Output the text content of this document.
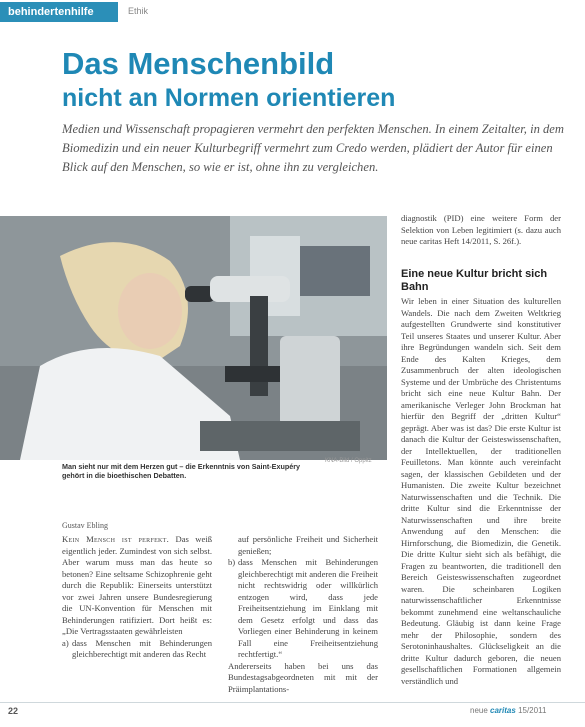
behindertenhilfe	Ethik
Das Menschenbild
nicht an Normen orientieren
Medien und Wissenschaft propagieren vermehrt den perfekten Menschen. In einem Zeitalter, in dem Biomedizin und ein neuer Kulturbegriff vermehrt zum Credo werden, plädiert der Autor für einen Blick auf den Menschen, so wie er ist, ohne ihn zu vergleichen.
KNA-Bild / Oppitz
Man sieht nur mit dem Herzen gut – die Erkenntnis von Saint-Exupéry gehört in die bioethischen Debatten.
Gustav Ebling
Kein Mensch ist perfekt. Das weiß eigentlich jeder. Zumindest von sich selbst. Aber warum muss man das heute so betonen? Eine seltsame Schizophrenie geht durch die Republik: Einerseits unterstützt vor zwei Jahren unsere Bundesregierung die UN-Konvention für Menschen mit Behinderungen ratifiziert. Dort heißt es: „Die Vertragsstaaten gewährleisten
a) dass Menschen mit Behinderungen gleichberechtigt mit anderen das Recht
auf persönliche Freiheit und Sicherheit genießen;
b) dass Menschen mit Behinderungen gleichberechtigt mit anderen die Freiheit nicht rechtswidrig oder willkürlich entzogen wird, dass jede Freiheitsentziehung im Einklang mit dem Gesetz erfolgt und dass das Vorliegen einer Behinderung in keinem Fall eine Freiheitsentziehung rechtfertigt.“
Andererseits haben bei uns das Bundestagsabgeordneten mit mit der Präimplantations-
diagnostik (PID) eine weitere Form der Selektion von Leben legitimiert (s. dazu auch neue caritas Heft 14/2011, S. 26f.).
Eine neue Kultur bricht sich Bahn
Wir leben in einer Situation des kulturellen Wandels. Die nach dem Zweiten Weltkrieg aufgestellten Grundwerte sind konstitutiver Teil unseres Staates und unserer Kultur. Aber ihre Begründungen wandeln sich. Seit dem Ende des Kalten Krieges, dem Zusammenbruch der alten ideologischen Systeme und der Umbrüche des Christentums bricht sich eine neue Kultur Bahn. Der amerikanische Verleger John Brockman hat hierfür den Begriff der „dritten Kultur“ geprägt. Aber was ist das? Die erste Kultur ist danach die Kultur der Geisteswissenschaften, der Intellektuellen, der traditionellen Feuilletons. Man könnte auch vereinfacht sagen, der klassischen Gebildeten und der Humanisten. Die zweite Kultur bezeichnet Naturwissenschaften und die Technik. Die dritte Kultur sind die Erkenntnisse der Naturwissenschaften und ihre breite Anwendung auf den Menschen: die Hirnforschung, die Biomedizin, die Genetik. Die dritte Kultur sieht sich als befähigt, die Fragen zu beantworten, die traditionell den Bereich Geisteswissenschaften zugeordnet waren. Die scheinbaren Logiken naturwissenschaftlicher Erkenntnisse bekommt zunehmend eine weltanschauliche Bedeutung. Gläubig ist dann keine Frage mehr der Philosophie, sondern des Serotoninhaushaltes. Glückseligkeit an die dritte Kultur dadurch geboren, die neuen gesellschaftlichen Formationen allgemein verständlich und
22	neue caritas 15/2011
